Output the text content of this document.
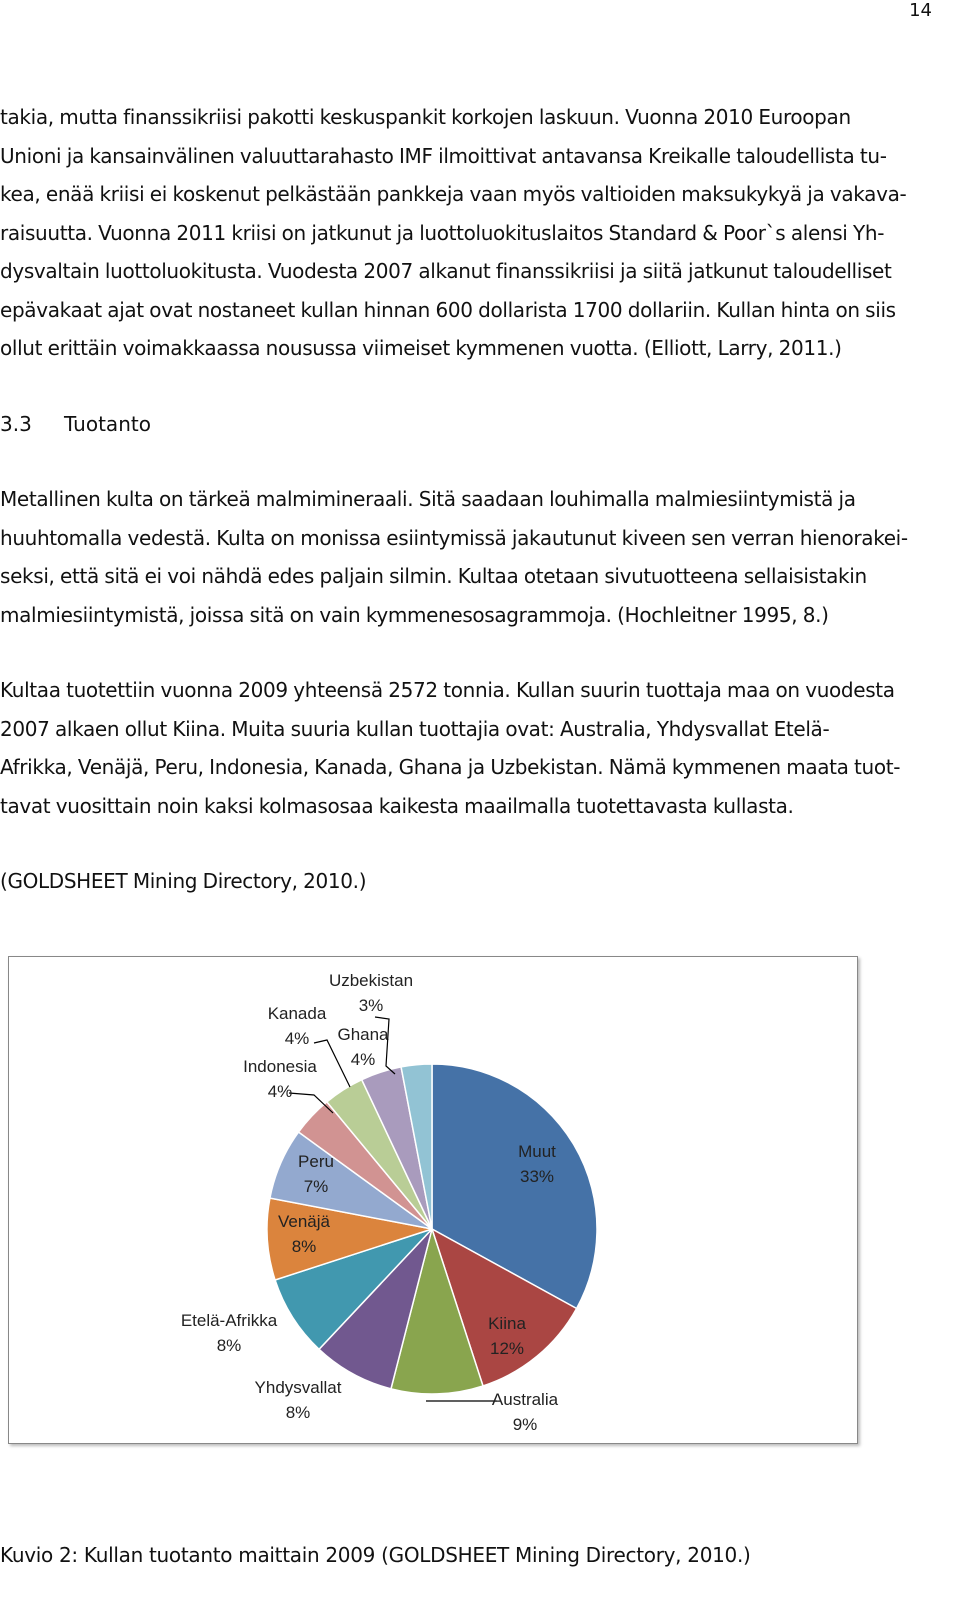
14
takia, mutta finanssikriisi pakotti keskuspankit korkojen laskuun. Vuonna 2010 Euroopan
Unioni ja kansainvälinen valuuttarahasto IMF ilmoittivat antavansa Kreikalle taloudellista tu-
kea, enää kriisi ei koskenut pelkästään pankkeja vaan myös valtioiden maksukykyä ja vakava-
raisuutta. Vuonna 2011 kriisi on jatkunut ja luottoluokituslaitos Standard & Poor`s alensi Yh-
dysvaltain luottoluokitusta. Vuodesta 2007 alkanut finanssikriisi ja siitä jatkunut taloudelliset
epävakaat ajat ovat nostaneet kullan hinnan 600 dollarista 1700 dollariin. Kullan hinta on siis
ollut erittäin voimakkaassa nousussa viimeiset kymmenen vuotta. (Elliott, Larry, 2011.)
3.3 Tuotanto
Metallinen kulta on tärkeä malmimineraali. Sitä saadaan louhimalla malmiesiintymistä ja
huuhtomalla vedestä. Kulta on monissa esiintymissä jakautunut kiveen sen verran hienorakei-
seksi, että sitä ei voi nähdä edes paljain silmin. Kultaa otetaan sivutuotteena sellaisistakin
malmiesiintymistä, joissa sitä on vain kymmenesosagrammoja. (Hochleitner 1995, 8.)
Kultaa tuotettiin vuonna 2009 yhteensä 2572 tonnia. Kullan suurin tuottaja maa on vuodesta
2007 alkaen ollut Kiina. Muita suuria kullan tuottajia ovat: Australia, Yhdysvallat Etelä-
Afrikka, Venäjä, Peru, Indonesia, Kanada, Ghana ja Uzbekistan. Nämä kymmenen maata tuot-
tavat vuosittain noin kaksi kolmasosaa kaikesta maailmalla tuotettavasta kullasta.
(GOLDSHEET Mining Directory, 2010.)
Muut
33%
Kiina
12%
Australia
9%
Yhdysvallat
8%
Etelä-Afrikka
8%
Venäjä
8%
Peru
7%
Indonesia
4%
Kanada
4% Ghana
4%
Uzbekistan
3%
Kuvio 2: Kullan tuotanto maittain 2009 (GOLDSHEET Mining Directory, 2010.)
